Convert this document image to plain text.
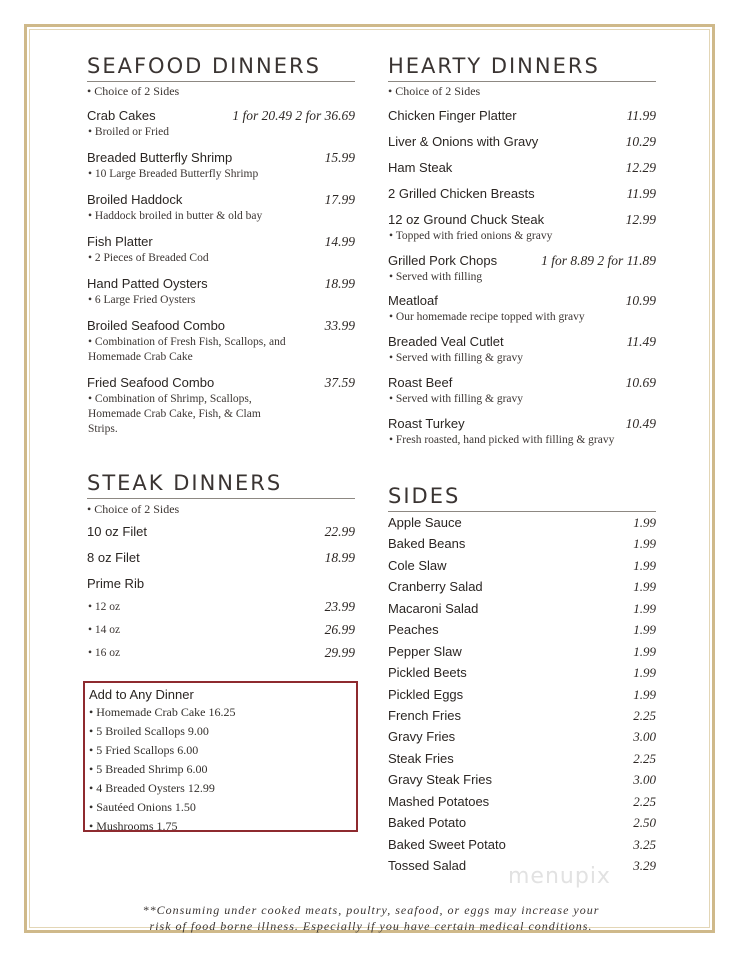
SEAFOOD DINNERS
• Choice of 2 Sides
Crab Cakes	1 for 20.49 2 for 36.69
• Broiled or Fried
Breaded Butterfly Shrimp	15.99
• 10 Large Breaded Butterfly Shrimp
Broiled Haddock	17.99
• Haddock broiled in butter & old bay
Fish Platter	14.99
• 2 Pieces of Breaded Cod
Hand Patted Oysters	18.99
• 6 Large Fried Oysters
Broiled Seafood Combo	33.99
• Combination of Fresh Fish, Scallops, and
Homemade Crab Cake
Fried Seafood Combo	37.59
• Combination of Shrimp, Scallops,
Homemade Crab Cake, Fish, & Clam
Strips.
STEAK DINNERS
• Choice of 2 Sides
10 oz Filet	22.99
8 oz Filet	18.99
Prime Rib
• 12 oz	23.99
• 14 oz	26.99
• 16 oz	29.99
Add to Any Dinner
• Homemade Crab Cake 16.25
• 5 Broiled Scallops 9.00
• 5 Fried Scallops 6.00
• 5 Breaded Shrimp 6.00
• 4 Breaded Oysters 12.99
• Sautéed Onions 1.50
• Mushrooms 1.75
HEARTY DINNERS
• Choice of 2 Sides
Chicken Finger Platter	11.99
Liver & Onions with Gravy	10.29
Ham Steak	12.29
2 Grilled Chicken Breasts	11.99
12 oz Ground Chuck Steak	12.99
• Topped with fried onions & gravy
Grilled Pork Chops	1 for 8.89 2 for 11.89
• Served with filling
Meatloaf	10.99
• Our homemade recipe topped with gravy
Breaded Veal Cutlet	11.49
• Served with filling & gravy
Roast Beef	10.69
• Served with filling & gravy
Roast Turkey	10.49
• Fresh roasted, hand picked with filling & gravy
SIDES
Apple Sauce	1.99
Baked Beans	1.99
Cole Slaw	1.99
Cranberry Salad	1.99
Macaroni Salad	1.99
Peaches	1.99
Pepper Slaw	1.99
Pickled Beets	1.99
Pickled Eggs	1.99
French Fries	2.25
Gravy Fries	3.00
Steak Fries	2.25
Gravy Steak Fries	3.00
Mashed Potatoes	2.25
Baked Potato	2.50
Baked Sweet Potato	3.25
Tossed Salad	3.29
menupix
**Consuming under cooked meats, poultry, seafood, or eggs may increase your
risk of food borne illness. Especially if you have certain medical conditions.
